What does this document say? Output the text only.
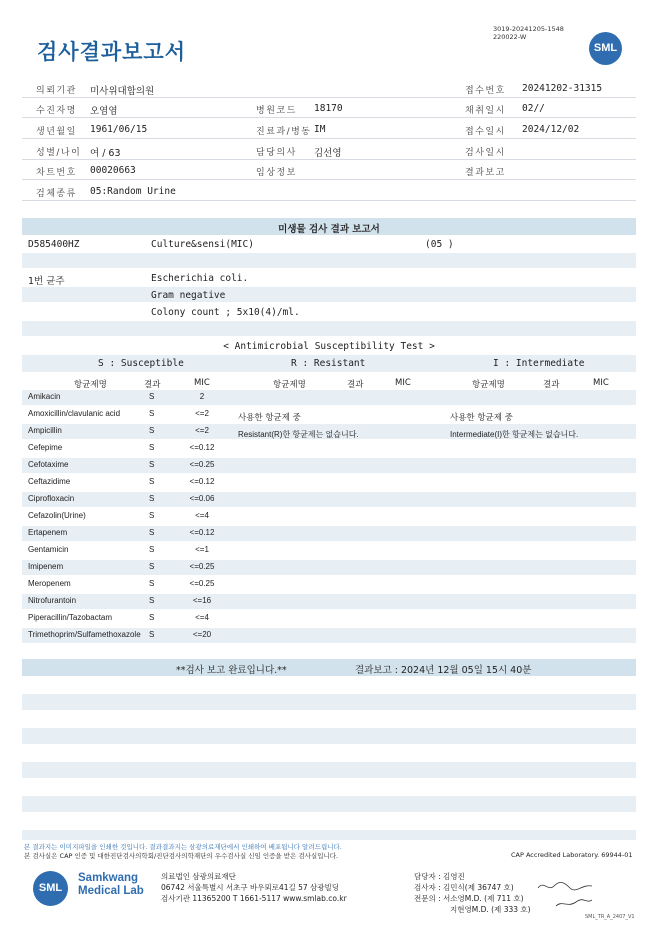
검사결과보고서
3019-20241205-1548
220022-W
SML
의뢰기관 미사위대합의원	접수번호 20241202-31315
수진자명 오염염	병원코드 18170	채취일시 02//
생년월일 1961/06/15	진료과/병동 IM	접수일시 2024/12/02
성별/나이 여 / 63	담당의사 김선영	검사일시
차트번호 00020663	임상정보	결과보고
검체종류 05:Random Urine
미생물 검사 결과 보고서
D585400HZ	Culture&sensi(MIC)	(05 )
1번 균주	Escherichia coli.
Gram negative
Colony count ; 5x10(4)/ml.
< Antimicrobial Susceptibility Test >
S : Susceptible	R : Resistant	I : Intermediate
항균제명	결과	MIC	항균제명	결과	MIC	항균제명	결과	MIC
Amikacin	S	2
Amoxicillin/clavulanic acid	S	<=2
Ampicillin	S	<=2
Cefepime	S	<=0.12
Cefotaxime	S	<=0.25
Ceftazidime	S	<=0.12
Ciprofloxacin	S	<=0.06
Cefazolin(Urine)	S	<=4
Ertapenem	S	<=0.12
Gentamicin	S	<=1
Imipenem	S	<=0.25
Meropenem	S	<=0.25
Nitrofurantoin	S	<=16
Piperacillin/Tazobactam	S	<=4
Trimethoprim/Sulfamethoxazole S	<=20
사용한 항균제 중
Resistant(R)한 항균제는 없습니다.
사용한 항균제 중
Intermediate(I)한 항균제는 없습니다.
**검사 보고 완료입니다.**	결과보고 : 2024년 12월 05일 15시 40분
본 결과지는 이미지파일을 인쇄한 것입니다. 결과결과지는 삼광의료재단에서 인쇄하여 배포됩니다 알려드립니다.
본 검사실은 CAP 인증 및 대한진단검사의학회/진단검사의학재단의 우수검사실 신임 인증을 받은 검사실입니다.	CAP Accredited Laboratory. 69944-01
SML
Samkwang
Medical Lab
의료법인 삼광의료재단
06742 서울특별시 서초구 바우뫼로41길 57 삼광빌딩
검사기관 11365200 T 1661-5117 www.smlab.co.kr
담당자 : 김영진
검사자 : 김민식(제 36747 호)
전문의 : 서소영M.D. (제 711 호)
지현영M.D. (제 333 호)
SML_TR_A_2407_V1
